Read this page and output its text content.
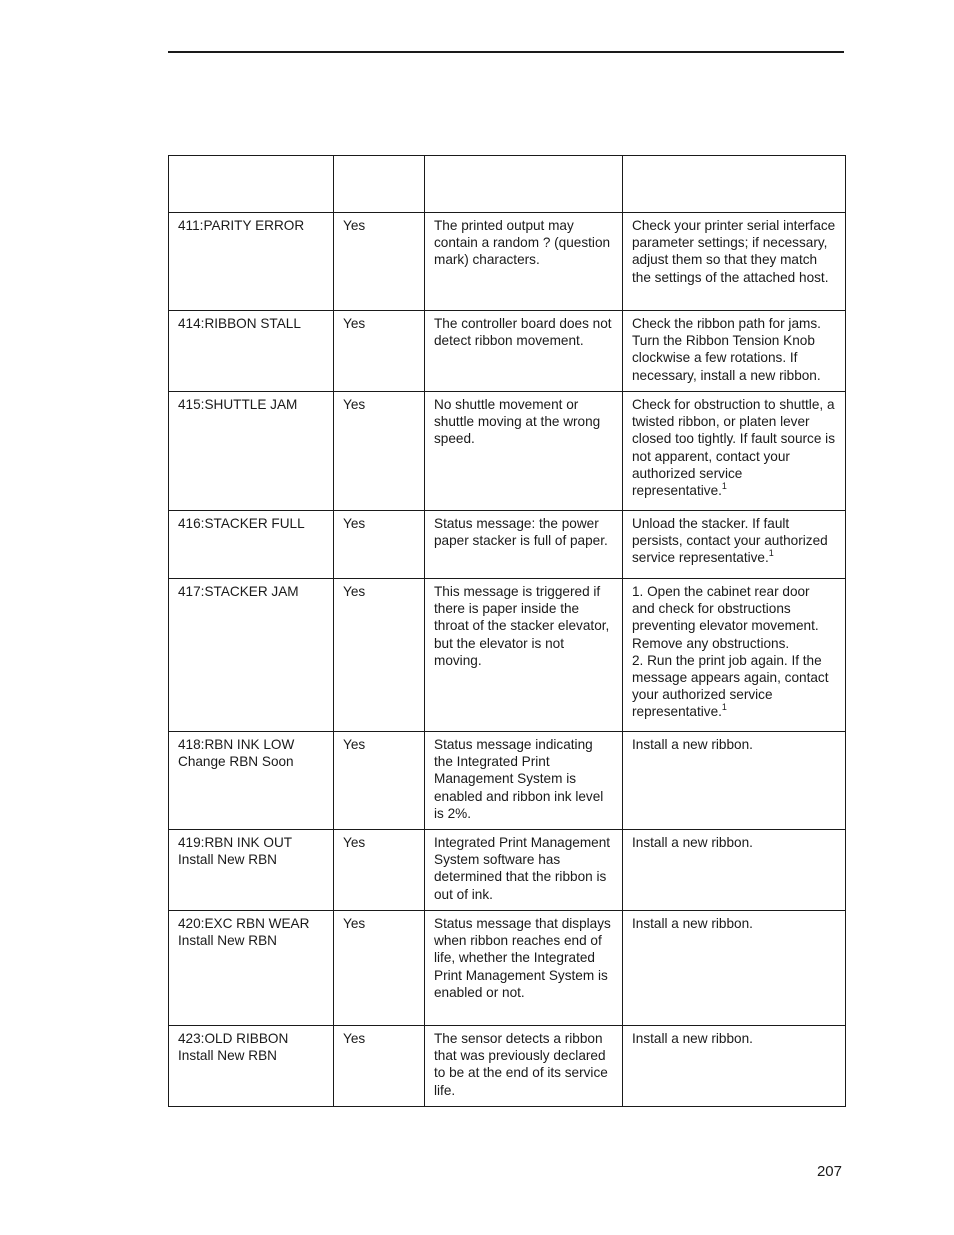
411:PARITY ERROR	Yes	The printed output may contain a random ? (question mark) characters.	Check your printer serial interface parameter settings; if necessary, adjust them so that they match the settings of the attached host.
414:RIBBON STALL	Yes	The controller board does not detect ribbon movement.	Check the ribbon path for jams. Turn the Ribbon Tension Knob clockwise a few rotations. If necessary, install a new ribbon.
415:SHUTTLE JAM	Yes	No shuttle movement or shuttle moving at the wrong speed.	Check for obstruction to shuttle, a twisted ribbon, or platen lever closed too tightly. If fault source is not apparent, contact your authorized service representative.$^1$
416:STACKER FULL	Yes	Status message: the power paper stacker is full of paper.	Unload the stacker. If fault persists, contact your authorized service representative.$^1$
417:STACKER JAM	Yes	This message is triggered if there is paper inside the throat of the stacker elevator, but the elevator is not moving.	1. Open the cabinet rear door and check for obstructions preventing elevator movement. Remove any obstructions.
2. Run the print job again. If the message appears again, contact your authorized service representative.$^1$
418:RBN INK LOW
Change RBN Soon	Yes	Status message indicating the Integrated Print Management System is enabled and ribbon ink level is 2%.	Install a new ribbon.
419:RBN INK OUT
Install New RBN	Yes	Integrated Print Management System software has determined that the ribbon is out of ink.	Install a new ribbon.
420:EXC RBN WEAR
Install New RBN	Yes	Status message that displays when ribbon reaches end of life, whether the Integrated Print Management System is enabled or not.	Install a new ribbon.
423:OLD RIBBON
Install New RBN	Yes	The sensor detects a ribbon that was previously declared to be at the end of its service life.	Install a new ribbon.
207
